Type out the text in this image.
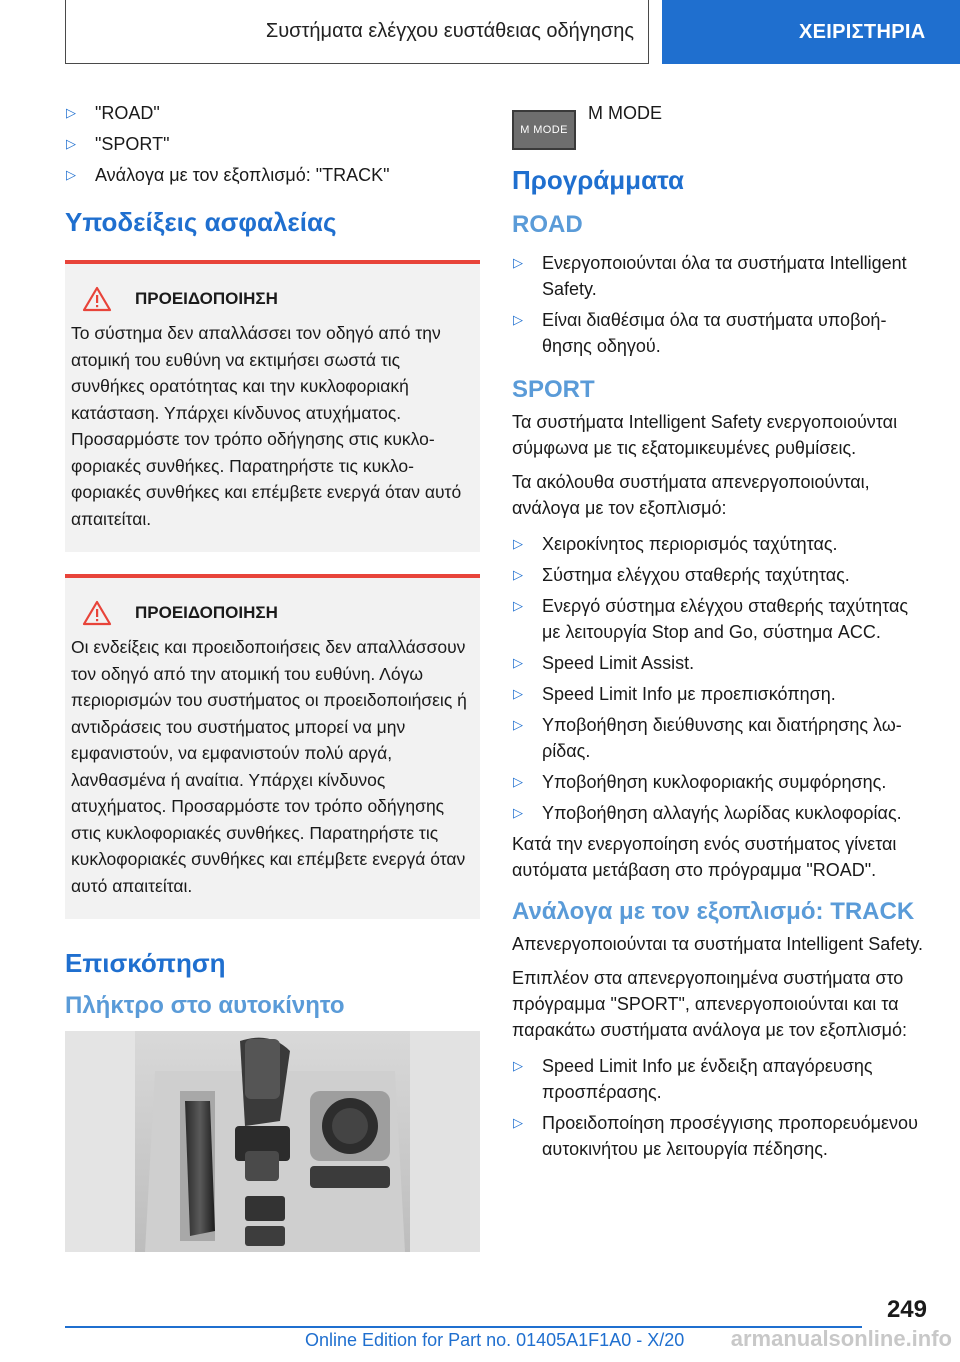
Συστήματα ελέγχου ευστάθειας οδήγησης	ΧΕΙΡΙΣΤΗΡΙΑ
▷ "ROAD"
▷ "SPORT"
▷ Ανάλογα με τον εξοπλισμό: "TRACK"
Υποδείξεις ασφαλείας
ΠΡΟΕΙΔΟΠΟΙΗΣΗ
Το σύστημα δεν απαλλάσσει τον οδηγό από την ατομική του ευθύνη να εκτιμήσει σωστά τις συνθήκες ορατότητας και την κυκλοφοριακή κατάσταση. Υπάρχει κίνδυνος ατυχήματος. Προσαρμόστε τον τρόπο οδήγησης στις κυκλοφοριακές συνθήκες. Παρατηρήστε τις κυκλοφοριακές συνθήκες και επέμβετε ενεργά όταν αυτό απαιτείται.
ΠΡΟΕΙΔΟΠΟΙΗΣΗ
Οι ενδείξεις και προειδοποιήσεις δεν απαλλάσσουν τον οδηγό από την ατομική του ευθύνη. Λόγω περιορισμών του συστήματος οι προειδοποιήσεις ή αντιδράσεις του συστήματος μπορεί να μην εμφανιστούν, να εμφανιστούν πολύ αργά, λανθασμένα ή αναίτια. Υπάρχει κίνδυνος ατυχήματος. Προσαρμόστε τον τρόπο οδήγησης στις κυκλοφοριακές συνθήκες. Παρατηρήστε τις κυκλοφοριακές συνθήκες και επέμβετε ενεργά όταν αυτό απαιτείται.
Επισκόπηση
Πλήκτρο στο αυτοκίνητο
M MODE
M MODE
Προγράμματα
ROAD
▷ Ενεργοποιούνται όλα τα συστήματα Intelligent Safety.
▷ Είναι διαθέσιμα όλα τα συστήματα υποβοήθησης οδηγού.
SPORT

Τα συστήματα Intelligent Safety ενεργοποιούνται σύμφωνα με τις εξατομικευμένες ρυθμίσεις.

Τα ακόλουθα συστήματα απενεργοποιούνται, ανάλογα με τον εξοπλισμό:

▷ Χειροκίνητος περιορισμός ταχύτητας.
▷ Σύστημα ελέγχου σταθερής ταχύτητας.
▷ Ενεργό σύστημα ελέγχου σταθερής ταχύτητας με λειτουργία Stop and Go, σύστημα ACC.
▷ Speed Limit Assist.
▷ Speed Limit Info με προεπισκόπηση.
▷ Υποβοήθηση διεύθυνσης και διατήρησης λωρίδας.
▷ Υποβοήθηση κυκλοφοριακής συμφόρησης.
▷ Υποβοήθηση αλλαγής λωρίδας κυκλοφορίας.

Κατά την ενεργοποίηση ενός συστήματος γίνεται αυτόματα μετάβαση στο πρόγραμμα "ROAD".

Ανάλογα με τον εξοπλισμό: TRACK

Απενεργοποιούνται τα συστήματα Intelligent Safety.

Επιπλέον στα απενεργοποιημένα συστήματα στο πρόγραμμα "SPORT", απενεργοποιούνται και τα παρακάτω συστήματα ανάλογα με τον εξοπλισμό:

▷ Speed Limit Info με ένδειξη απαγόρευσης προσπέρασης.
▷ Προειδοποίηση προσέγγισης προπορευόμενου αυτοκινήτου με λειτουργία πέδησης.
249
Online Edition for Part no. 01405A1F1A0 - X/20 armanualsonline.info
